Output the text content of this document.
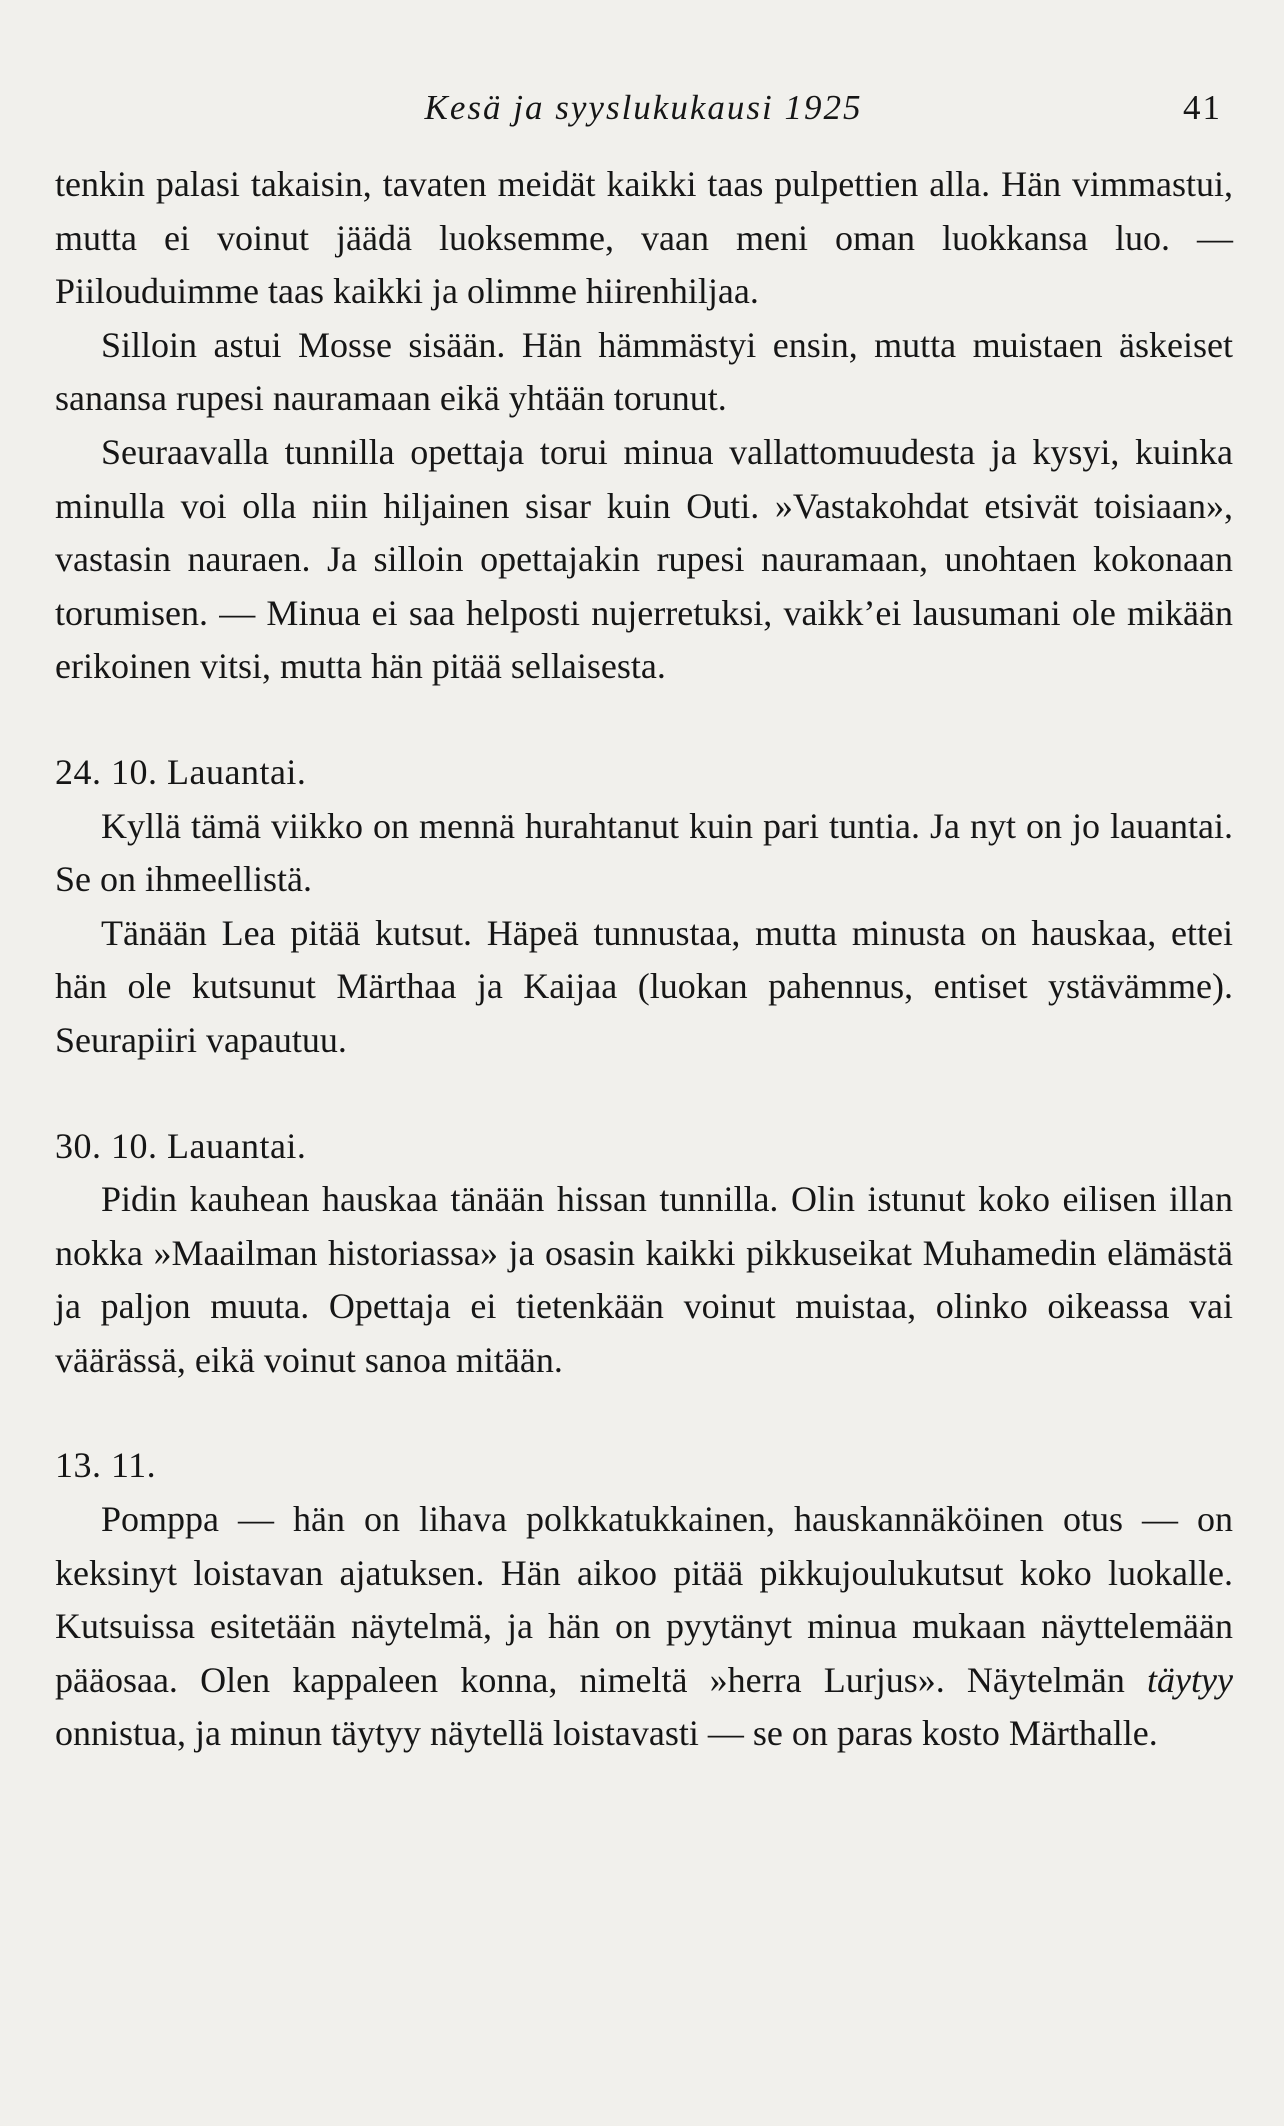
Kesä ja syyslukukausi 1925	41

tenkin palasi takaisin, tavaten meidät kaikki taas pulpettien alla. Hän vimmastui, mutta ei voinut jäädä luoksemme, vaan meni oman luokkansa luo. — Piilouduimme taas kaikki ja olimme hiirenhiljaa.

Silloin astui Mosse sisään. Hän hämmästyi ensin, mutta muistaen äskeiset sanansa rupesi nauramaan eikä yhtään torunut.

Seuraavalla tunnilla opettaja torui minua vallattomuudesta ja kysyi, kuinka minulla voi olla niin hiljainen sisar kuin Outi. »Vastakohdat etsivät toisiaan», vastasin nauraen. Ja silloin opettajakin rupesi nauramaan, unohtaen kokonaan torumisen. — Minua ei saa helposti nujerretuksi, vaikk’ei lausumani ole mikään erikoinen vitsi, mutta hän pitää sellaisesta.

24. 10. Lauantai.

Kyllä tämä viikko on mennä hurahtanut kuin pari tuntia. Ja nyt on jo lauantai. Se on ihmeellistä.

Tänään Lea pitää kutsut. Häpeä tunnustaa, mutta minusta on hauskaa, ettei hän ole kutsunut Märthaa ja Kaijaa (luokan pahennus, entiset ystävämme). Seurapiiri vapautuu.

30. 10. Lauantai.

Pidin kauhean hauskaa tänään hissan tunnilla. Olin istunut koko eilisen illan nokka »Maailman historiassa» ja osasin kaikki pikkuseikat Muhamedin elämästä ja paljon muuta. Opettaja ei tietenkään voinut muistaa, olinko oikeassa vai väärässä, eikä voinut sanoa mitään.

13. 11.

Pomppa — hän on lihava polkkatukkainen, hauskannäköinen otus — on keksinyt loistavan ajatuksen. Hän aikoo pitää pikkujoulukutsut koko luokalle. Kutsuissa esitetään näytelmä, ja hän on pyytänyt minua mukaan näyttelemään pääosaa. Olen kappaleen konna, nimeltä »herra Lurjus». Näytelmän täytyy onnistua, ja minun täytyy näytellä loistavasti — se on paras kosto Märthalle.
